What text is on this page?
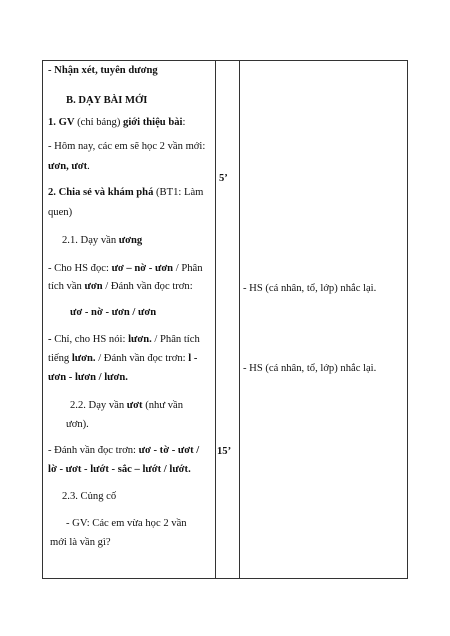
- Nhận xét, tuyên dương
B. DẠY BÀI MỚI
1. GV (chỉ bảng) giới thiệu bài:
- Hôm nay, các em sẽ học 2 vần mới:
ươn, ươt.
2. Chia sẻ và khám phá (BT1: Làm
quen)
2.1. Dạy vần ương
- Cho HS đọc: ươ – nờ - ươn / Phân
tích vần ươn / Đánh vần đọc trơn:
ươ - nờ - ươn / ươn
- Chỉ, cho HS nói: lươn. / Phân tích
tiếng lươn. / Đánh vần đọc trơn: l -
ươn - lươn / lươn.
2.2. Dạy vần ươt (như vần
ươn).
- Đánh vần đọc trơn: ươ - tờ - ươt /
lờ - ươt - lướt - sắc – lướt / lướt.
2.3. Củng cố
- GV: Các em vừa học 2 vần
mới là vần gì?
5’
15’
- HS (cá nhân, tổ, lớp) nhắc lại.
- HS (cá nhân, tổ, lớp) nhắc lại.
